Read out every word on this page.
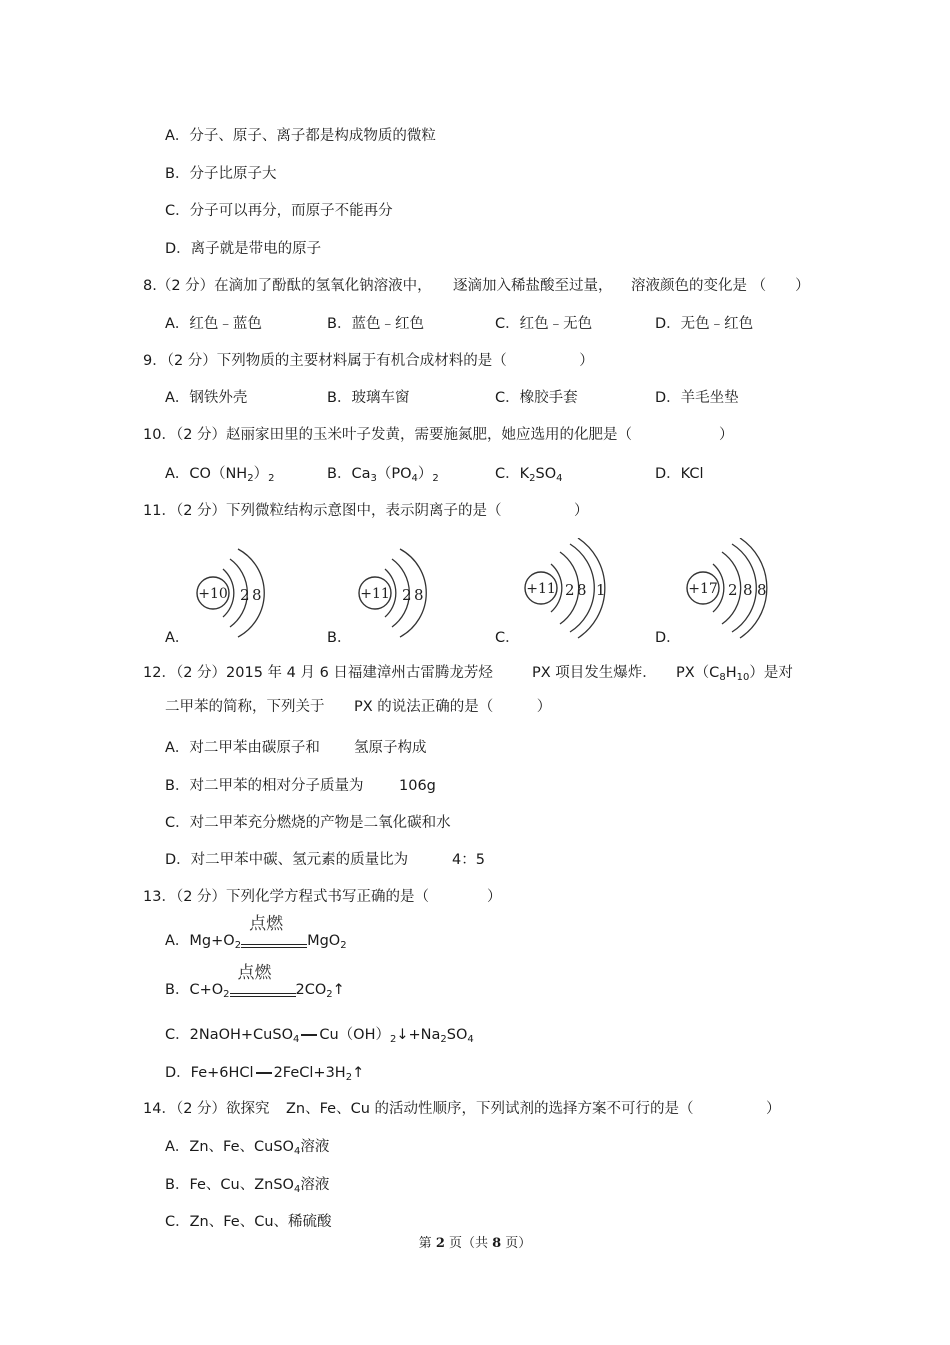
A．分子、原子、离子都是构成物质的微粒
B．分子比原子大
C．分子可以再分，而原子不能再分
D．离子就是带电的原子
8.（2 分）在滴加了酚酞的氢氧化钠溶液中， 逐滴加入稀盐酸至过量， 溶液颜色的变化是 （　　）
A．红色﹣蓝色	B．蓝色﹣红色	C．红色﹣无色	D．无色﹣红色
9．（2 分）下列物质的主要材料属于有机合成材料的是（　　　　　）
A．钢铁外壳	B．玻璃车窗	C．橡胶手套	D．羊毛坐垫
10．（2 分）赵丽家田里的玉米叶子发黄，需要施氮肥，她应选用的化肥是（　　　　　　）
A．$CO(NH_2)_2$	B．$Ca_3(PO_4)_2$	C．$K_2SO_4$	D．KCl
11．（2 分）下列微粒结构示意图中，表示阴离子的是（　　　　　）
A．	B．	C．	D．
+10 2 8	+11 2 8	+11 2 8 1	+17 2 8 8
12．（2 分）2015 年 4 月 6 日福建漳州古雷腾龙芳烃	PX 项目发生爆炸． $PX(C_8H_{10})$是对
二甲苯的简称，下列关于 PX 的说法正确的是（　　　）
A．对二甲苯由碳原子和 氢原子构成
B．对二甲苯的相对分子质量为 106g
C．对二甲苯充分燃烧的产物是二氧化碳和水
D．对二甲苯中碳、氢元素的质量比为	4：5
13．（2 分）下列化学方程式书写正确的是（　　　　）
A．$Mg+O_2$
点燃
MgO$_2$
B．$C+O_2$
点燃
$2CO_2↑$
C．2NaOH+CuSO$_4$ $Cu(OH)_2↓+Na_2SO_4$
D．Fe+6HCl $2FeCl+3H_2↑$
14．（2 分）欲探究 Zn、Fe、Cu 的活动性顺序，下列试剂的选择方案不可行的是（　　　　　）
A．Zn、Fe、CuSO$_4$溶液
B．Fe、Cu、ZnSO$_4$溶液
C．Zn、Fe、Cu、稀硫酸
第 2 页（共 8 页）
